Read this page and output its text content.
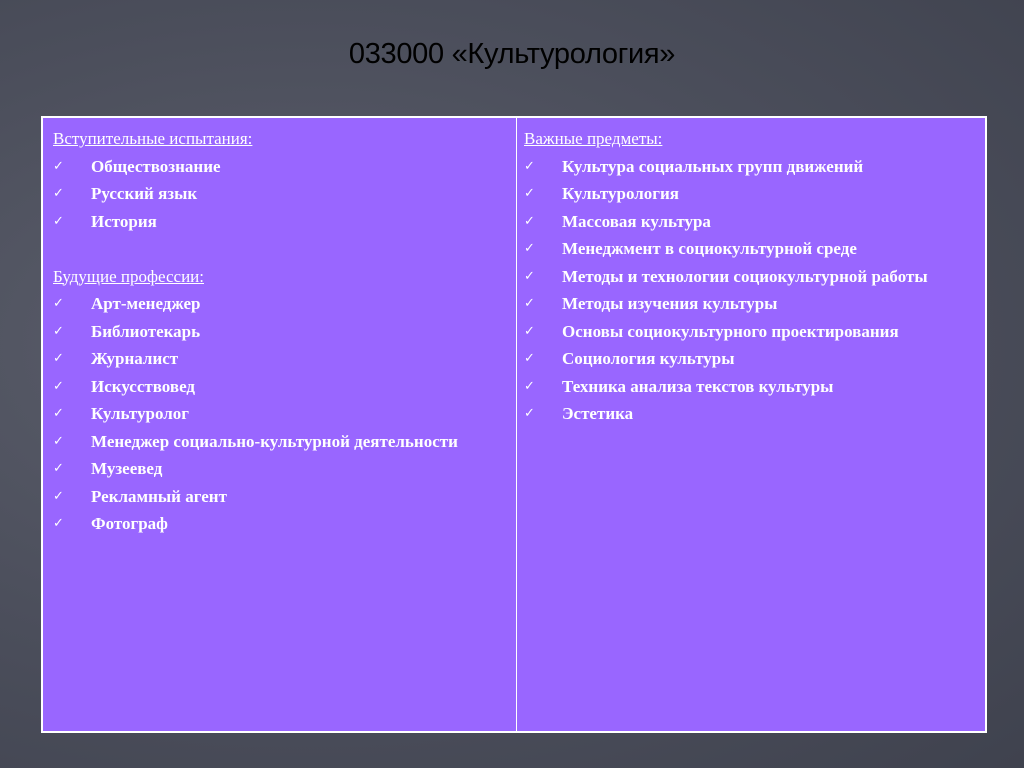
033000 «Культурология»
Вступительные испытания:
✓ Обществознание
✓ Русский язык
✓ История
Будущие профессии:
✓ Арт-менеджер
✓ Библиотекарь
✓ Журналист
✓ Искусствовед
✓ Культуролог
✓ Менеджер социально-культурной деятельности
✓ Музеевед
✓ Рекламный агент
✓ Фотограф
Важные предметы:
✓ Культура социальных групп движений
✓ Культурология
✓ Массовая культура
✓ Менеджмент в социокультурной среде
✓ Методы и технологии социокультурной работы
✓ Методы изучения культуры
✓ Основы социокультурного проектирования
✓ Социология культуры
✓ Техника анализа текстов культуры
✓ Эстетика
